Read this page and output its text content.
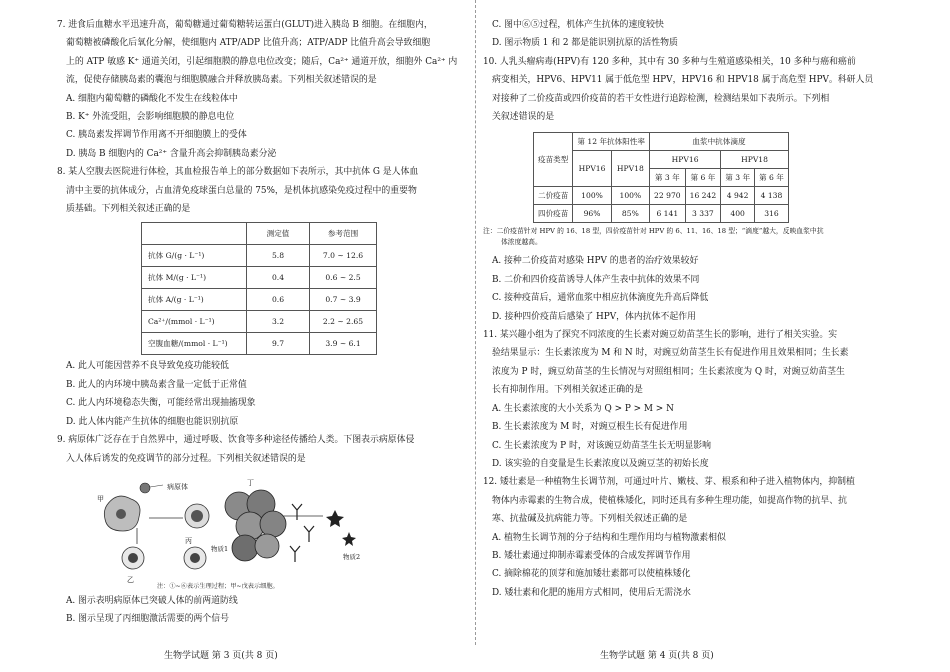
7. 进食后血糖水平迅速升高，葡萄糖通过葡萄糖转运蛋白(GLUT)进入胰岛 B 细胞。在细胞内，
葡萄糖被磷酸化后氧化分解，使细胞内 ATP/ADP 比值升高；ATP/ADP 比值升高会导致细胞
上的 ATP 敏感 K⁺ 通道关闭，引起细胞膜的静息电位改变；随后，Ca²⁺ 通道开放，细胞外 Ca²⁺ 内
流，促使存储胰岛素的囊泡与细胞膜融合并释放胰岛素。下列相关叙述错误的是
A. 细胞内葡萄糖的磷酸化不发生在线粒体中
B. K⁺ 外流受阻，会影响细胞膜的静息电位
C. 胰岛素发挥调节作用离不开细胞膜上的受体
D. 胰岛 B 细胞内的 Ca²⁺ 含量升高会抑制胰岛素分泌
8. 某人空腹去医院进行体检，其血检报告单上的部分数据如下表所示，其中抗体 G 是人体血
清中主要的抗体成分，占血清免疫球蛋白总量的 75%，是机体抗感染免疫过程中的重要物
质基础。下列相关叙述正确的是
	测定值	参考范围
抗体 G/(g · L⁻¹)	5.8	7.0 ~ 12.6
抗体 M/(g · L⁻¹)	0.4	0.6 ~ 2.5
抗体 A/(g · L⁻¹)	0.6	0.7 ~ 3.9
Ca²⁺/(mmol · L⁻¹)	3.2	2.2 ~ 2.65
空腹血糖/(mmol · L⁻¹)	9.7	3.9 ~ 6.1
A. 此人可能因营养不良导致免疫功能较低
B. 此人的内环境中胰岛素含量一定低于正常值
C. 此人内环境稳态失衡，可能经常出现抽搐现象
D. 此人体内能产生抗体的细胞也能识别抗原
9. 病原体广泛存在于自然界中，通过呼吸、饮食等多种途径传播给人类。下图表示病原体侵
入人体后诱发的免疫调节的部分过程。下列相关叙述错误的是
甲
病原体
乙
丙
丁
物质1
物质2
注：①~⑥表示生理过程；甲~戊表示细胞。
A. 图示表明病原体已突破人体的前两道防线
B. 图示呈现了丙细胞激活需要的两个信号
生物学试题 第 3 页(共 8 页)
C. 图中⑥⑤过程，机体产生抗体的速度较快
D. 图示物质 1 和 2 都是能识别抗原的活性物质
10. 人乳头瘤病毒(HPV)有 120 多种，其中有 30 多种与生殖道感染相关，10 多种与癌和癌前
病变相关，HPV6、HPV11 属于低危型 HPV，HPV16 和 HPV18 属于高危型 HPV。科研人员
对接种了二价疫苗或四价疫苗的若干女性进行追踪检测，检测结果如下表所示。下列相
关叙述错误的是
疫苗类型	第 12 年抗体阳性率		血浆中抗体滴度			
	HPV16	HPV18	HPV16		HPV18	
			第 3 年	第 6 年	第 3 年	第 6 年
二价疫苗	100%	100%	22 970	16 242	4 942	4 138
四价疫苗	96%	85%	6 141	3 337	400	316
注：二价疫苗针对 HPV 的 16、18 型，四价疫苗针对 HPV 的 6、11、16、18 型；“滴度”越大，反映血浆中抗
体浓度越高。
A. 接种二价疫苗对感染 HPV 的患者的治疗效果较好
B. 二价和四价疫苗诱导人体产生表中抗体的效果不同
C. 接种疫苗后，通常血浆中相应抗体滴度先升高后降低
D. 接种四价疫苗后感染了 HPV，体内抗体不起作用
11. 某兴趣小组为了探究不同浓度的生长素对豌豆幼苗茎生长的影响，进行了相关实验。实
验结果显示：生长素浓度为 M 和 N 时，对豌豆幼苗茎生长有促进作用且效果相同；生长素
浓度为 P 时，豌豆幼苗茎的生长情况与对照组相同；生长素浓度为 Q 时，对豌豆幼苗茎生
长有抑制作用。下列相关叙述正确的是
A. 生长素浓度的大小关系为 Q > P > M > N
B. 生长素浓度为 M 时，对豌豆根生长有促进作用
C. 生长素浓度为 P 时，对该豌豆幼苗茎生长无明显影响
D. 该实验的自变量是生长素浓度以及豌豆茎的初始长度
12. 矮壮素是一种植物生长调节剂，可通过叶片、嫩枝、芽、根系和种子进入植物体内，抑制植
物体内赤霉素的生物合成，使植株矮化，同时还具有多种生理功能，如提高作物的抗旱、抗
寒、抗盐碱及抗病能力等。下列相关叙述正确的是
A. 植物生长调节剂的分子结构和生理作用均与植物激素相似
B. 矮壮素通过抑制赤霉素受体的合成发挥调节作用
C. 摘除棉花的顶芽和施加矮壮素都可以使植株矮化
D. 矮壮素和化肥的施用方式相同，使用后无需浇水
生物学试题 第 4 页(共 8 页)
